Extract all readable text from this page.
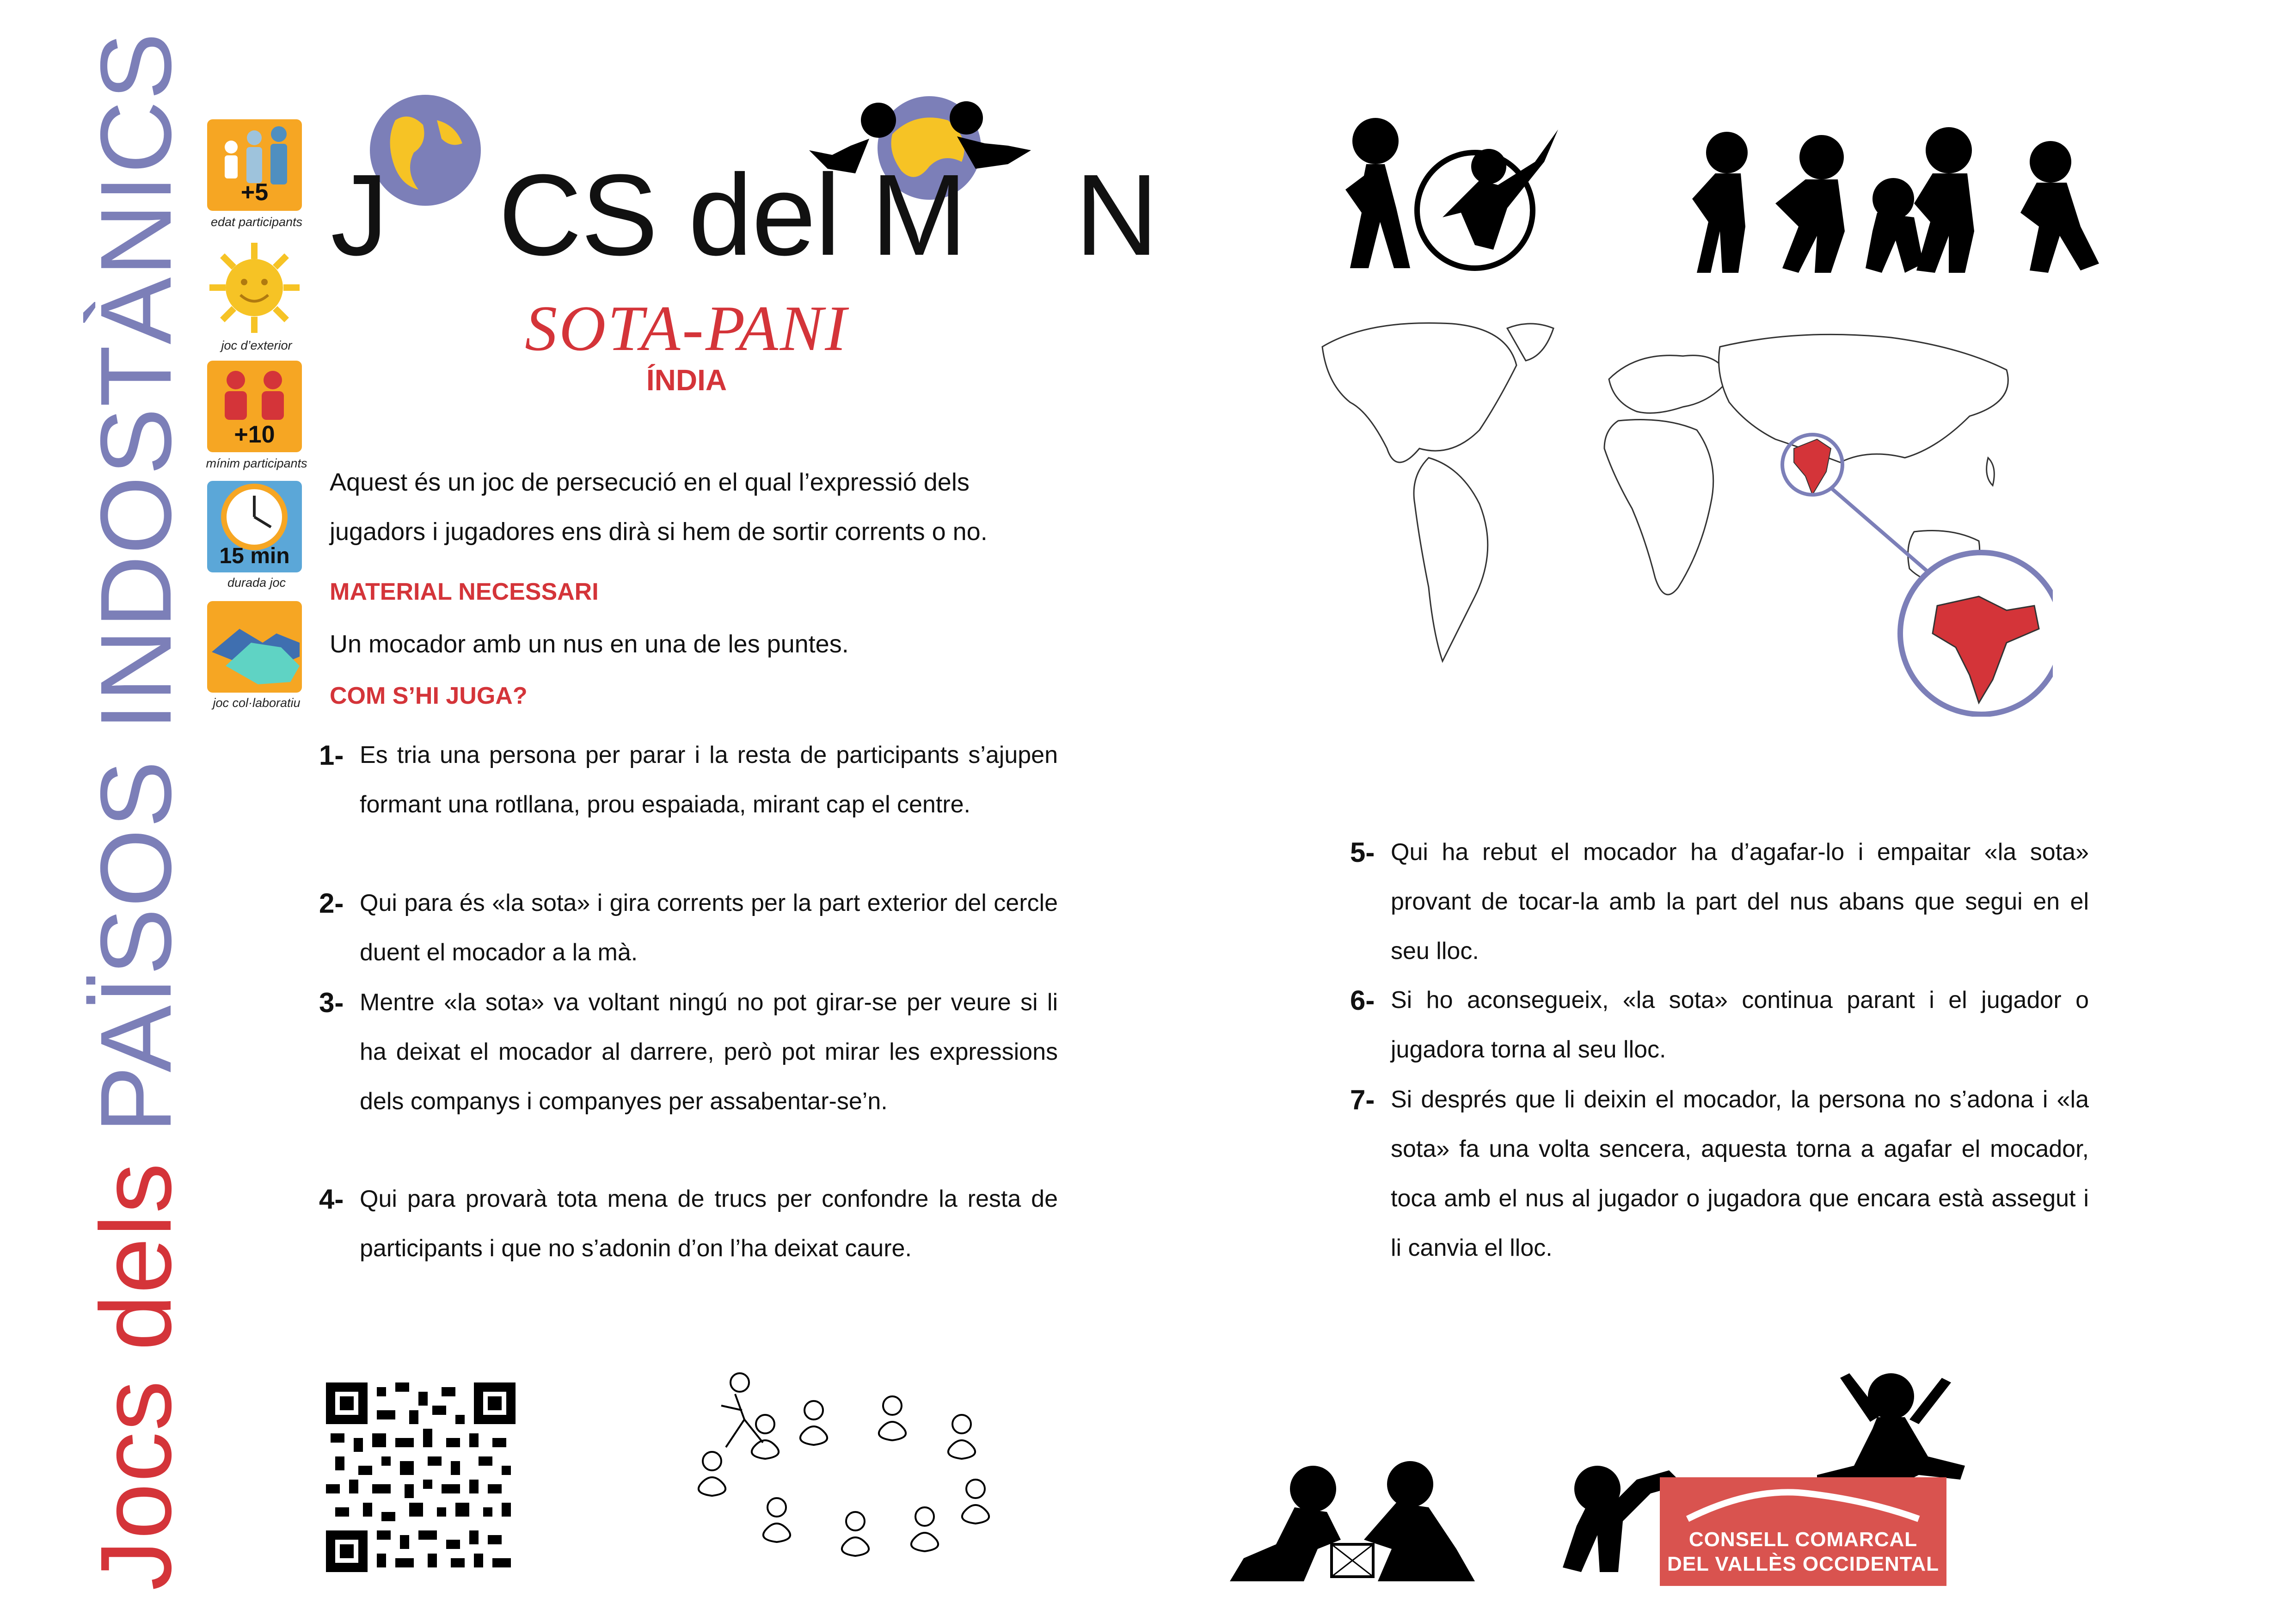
Jocs dels PAÏSOS INDOSTÀNICS	+5
edat participants
joc d’exterior
+10
mínim participants
15 min
durada joc
joc col·laboratiu
J CS del M N
SOTA-PANI
ÍNDIA
Aquest és un joc de persecució en el qual l’expressió dels jugadors i jugadores ens dirà si hem de sortir corrents o no.
MATERIAL NECESSARI
Un mocador amb un nus en una de les puntes.
COM S’HI JUGA?
1- Es tria una persona per parar i la resta de participants s’ajupen formant una rotllana, prou espaiada, mirant cap el centre.
2- Qui para és «la sota» i gira corrents per la part exterior del cercle duent el mocador a la mà.
3- Mentre «la sota» va voltant ningú no pot girar-se per veure si li ha deixat el mocador al darrere, però pot mirar les expressions dels companys i companyes per assabentar-se’n.
4- Qui para provarà tota mena de trucs per confondre la resta de participants i que no s’adonin d’on l’ha deixat caure.
5- Qui ha rebut el mocador ha d’agafar-lo i empaitar «la sota» provant de tocar-la amb la part del nus abans que segui en el seu lloc.
6- Si ho aconsegueix, «la sota» continua parant i el jugador o jugadora torna al seu lloc.
7- Si després que li deixin el mocador, la persona no s’adona i «la sota» fa una volta sencera, aquesta torna a agafar el mocador, toca amb el nus al jugador o jugadora que encara està assegut i li canvia el lloc.
CONSELL COMARCAL
DEL VALLÈS OCCIDENTAL
